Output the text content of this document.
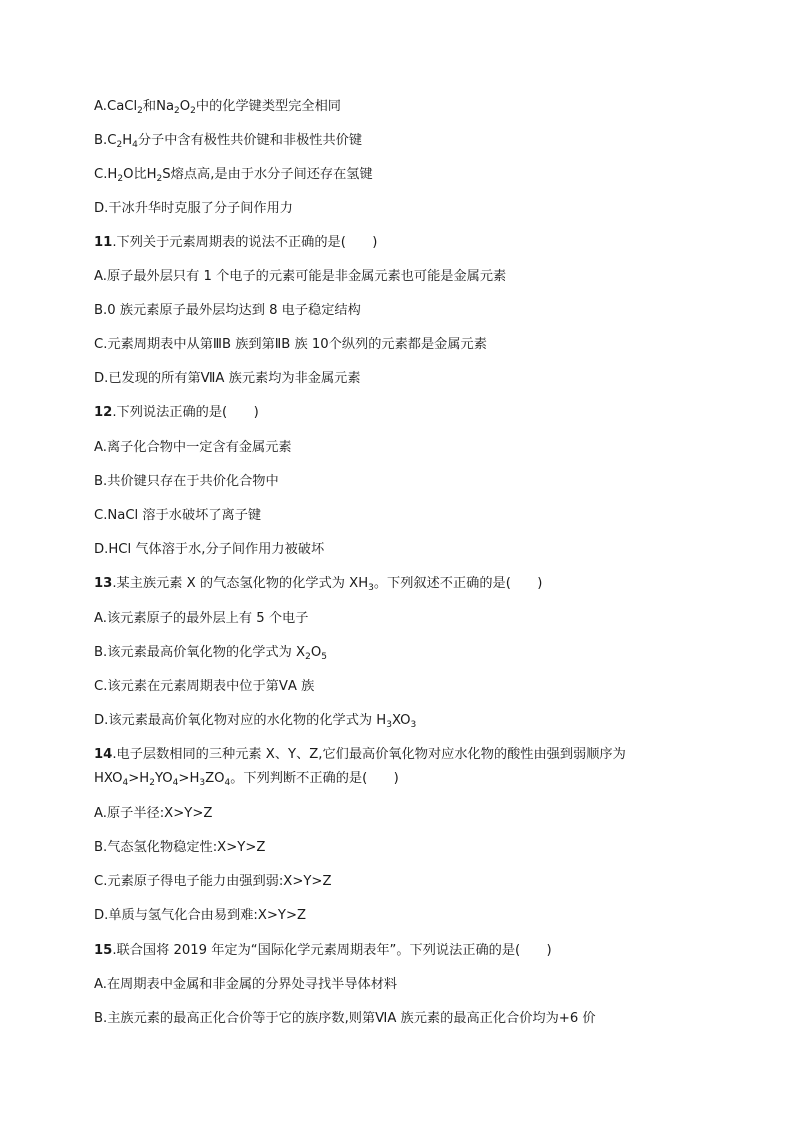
A.CaCl$_2$和$Na_2O_2$中的化学键类型完全相同
$B.C_2H_4$分子中含有极性共价键和非极性共价键
$C.H_2O$比$H_2S$熔点高,是由于水分子间还存在氢键
D.干冰升华时克服了分子间作用力
11.下列关于元素周期表的说法不正确的是(　　)
A.原子最外层只有 1 个电子的元素可能是非金属元素也可能是金属元素
B.0 族元素原子最外层均达到 8 电子稳定结构
C.元素周期表中从第ⅢB 族到第ⅡB 族 10个纵列的元素都是金属元素
D.已发现的所有第ⅦA 族元素均为非金属元素
12.下列说法正确的是(　　)
A.离子化合物中一定含有金属元素
B.共价键只存在于共价化合物中
C.NaCl 溶于水破坏了离子键
D.HCl 气体溶于水,分子间作用力被破坏
13.某主族元素 X 的气态氢化物的化学式为 $XH_3$。下列叙述不正确的是(　　)
A.该元素原子的最外层上有 5 个电子
B.该元素最高价氧化物的化学式为 $X_2O_5$
C.该元素在元素周期表中位于第ⅤA 族
D.该元素最高价氧化物对应的水化物的化学式为 $H_3XO_3$
14.电子层数相同的三种元素 X、Y、Z,它们最高价氧化物对应水化物的酸性由强到弱顺序为
$HXO_4>H_2YO_4>H_3ZO_4$。下列判断不正确的是(　　)
A.原子半径:X>Y>Z
B.气态氢化物稳定性:X>Y>Z
C.元素原子得电子能力由强到弱:X>Y>Z
D.单质与氢气化合由易到难:X>Y>Z
15.联合国将 2019 年定为“国际化学元素周期表年”。下列说法正确的是(　　)
A.在周期表中金属和非金属的分界处寻找半导体材料
B.主族元素的最高正化合价等于它的族序数,则第ⅥA 族元素的最高正化合价均为+6 价
